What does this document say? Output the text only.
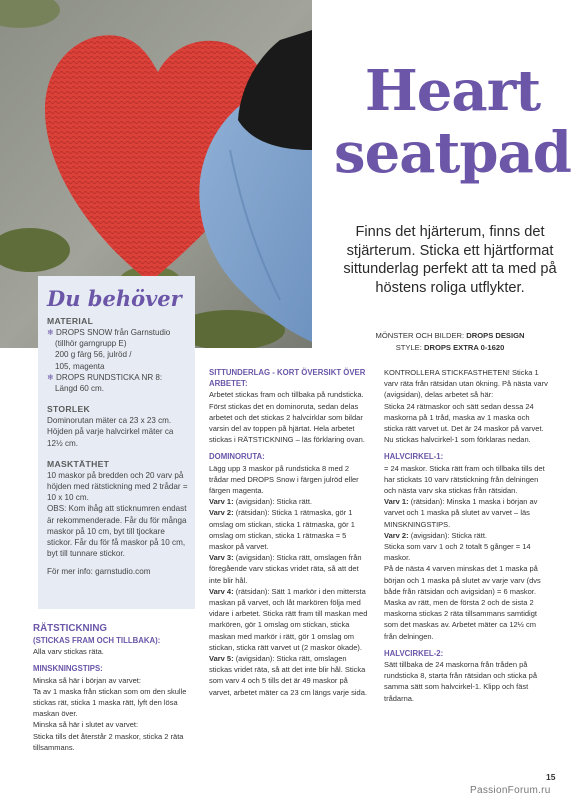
Heart
seatpad
Finns det hjärterum, finns det stjärterum. Sticka ett hjärtformat sittunderlag perfekt att ta med på höstens roliga utflykter.
MÖNSTER OCH BILDER: DROPS DESIGN
STYLE: DROPS EXTRA 0-1620
Du behöver
MATERIAL
❄ DROPS SNOW från Garnstudio
(tillhör garngrupp E)
200 g färg 56, julröd /
105, magenta
❄ DROPS RUNDSTICKA NR 8:
Längd 60 cm.
STORLEK
Dominorutan mäter ca 23 x 23 cm. Höjden på varje halvcirkel mäter ca 12½ cm.
MASKTÄTHET
10 maskor på bredden och 20 varv på höjden med rätstickning med 2 trådar = 10 x 10 cm.
OBS: Kom ihåg att sticknumren endast är rekommenderade. Får du för många maskor på 10 cm, byt till tjockare stickor. Får du för få maskor på 10 cm, byt till tunnare stickor.
För mer info: garnstudio.com
RÄTSTICKNING
(STICKAS FRAM OCH TILLBAKA):
Alla varv stickas räta.
MINSKNINGSTIPS:
Minska så här i början av varvet:
Ta av 1 maska från stickan som om den skulle stickas rät, sticka 1 maska rätt, lyft den lösa maskan över.
Minska så här i slutet av varvet:
Sticka tills det återstår 2 maskor, sticka 2 räta tillsammans.
SITTUNDERLAG - KORT ÖVERSIKT ÖVER ARBETET:
Arbetet stickas fram och tillbaka på rundsticka. Först stickas det en dominoruta, sedan delas arbetet och det stickas 2 halvcirklar som bildar varsin del av toppen på hjärtat. Hela arbetet stickas i RÄTSTICKNING – läs förklaring ovan.
DOMINORUTA:
Lägg upp 3 maskor på rundsticka 8 med 2 trådar med DROPS Snow i färgen julröd eller färgen magenta.
Varv 1: (avigsidan): Sticka rätt.
Varv 2: (rätsidan): Sticka 1 rätmaska, gör 1 omslag om stickan, sticka 1 rätmaska, gör 1 omslag om stickan, sticka 1 rätmaska = 5 maskor på varvet.
Varv 3: (avigsidan): Sticka rätt, omslagen från föregående varv stickas vridet räta, så att det inte blir hål.
Varv 4: (rätsidan): Sätt 1 markör i den mittersta maskan på varvet, och låt markören följa med vidare i arbetet. Sticka rätt fram till maskan med markören, gör 1 omslag om stickan, sticka maskan med markör i rätt, gör 1 omslag om stickan, sticka rätt varvet ut (2 maskor ökade).
Varv 5: (avigsidan): Sticka rätt, omslagen stickas vridet räta, så att det inte blir hål. Sticka som varv 4 och 5 tills det är 49 maskor på varvet, arbetet mäter ca 23 cm längs varje sida.
KONTROLLERA STICKFASTHETEN! Sticka 1 varv räta från rätsidan utan ökning. På nästa varv (avigsidan), delas arbetet så här:
Sticka 24 rätmaskor och sätt sedan dessa 24 maskorna på 1 tråd, maska av 1 maska och sticka rätt varvet ut. Det är 24 maskor på varvet. Nu stickas halvcirkel-1 som förklaras nedan.
HALVCIRKEL-1:
= 24 maskor. Sticka rätt fram och tillbaka tills det har stickats 10 varv rätstickning från delningen och nästa varv ska stickas från rätsidan.
Varv 1: (rätsidan): Minska 1 maska i början av varvet och 1 maska på slutet av varvet – läs MINSKNINGSTIPS.
Varv 2: (avigsidan): Sticka rätt.
Sticka som varv 1 och 2 totalt 5 gånger = 14 maskor.
På de nästa 4 varven minskas det 1 maska på början och 1 maska på slutet av varje varv (dvs både från rätsidan och avigsidan) = 6 maskor. Maska av rätt, men de första 2 och de sista 2 maskorna stickas 2 räta tillsammans samtidigt som det maskas av. Arbetet mäter ca 12½ cm från delningen.
HALVCIRKEL-2:
Sätt tillbaka de 24 maskorna från tråden på rundsticka 8, starta från rätsidan och sticka på samma sätt som halvcirkel-1. Klipp och fäst trådarna.
15
PassionForum.ru
